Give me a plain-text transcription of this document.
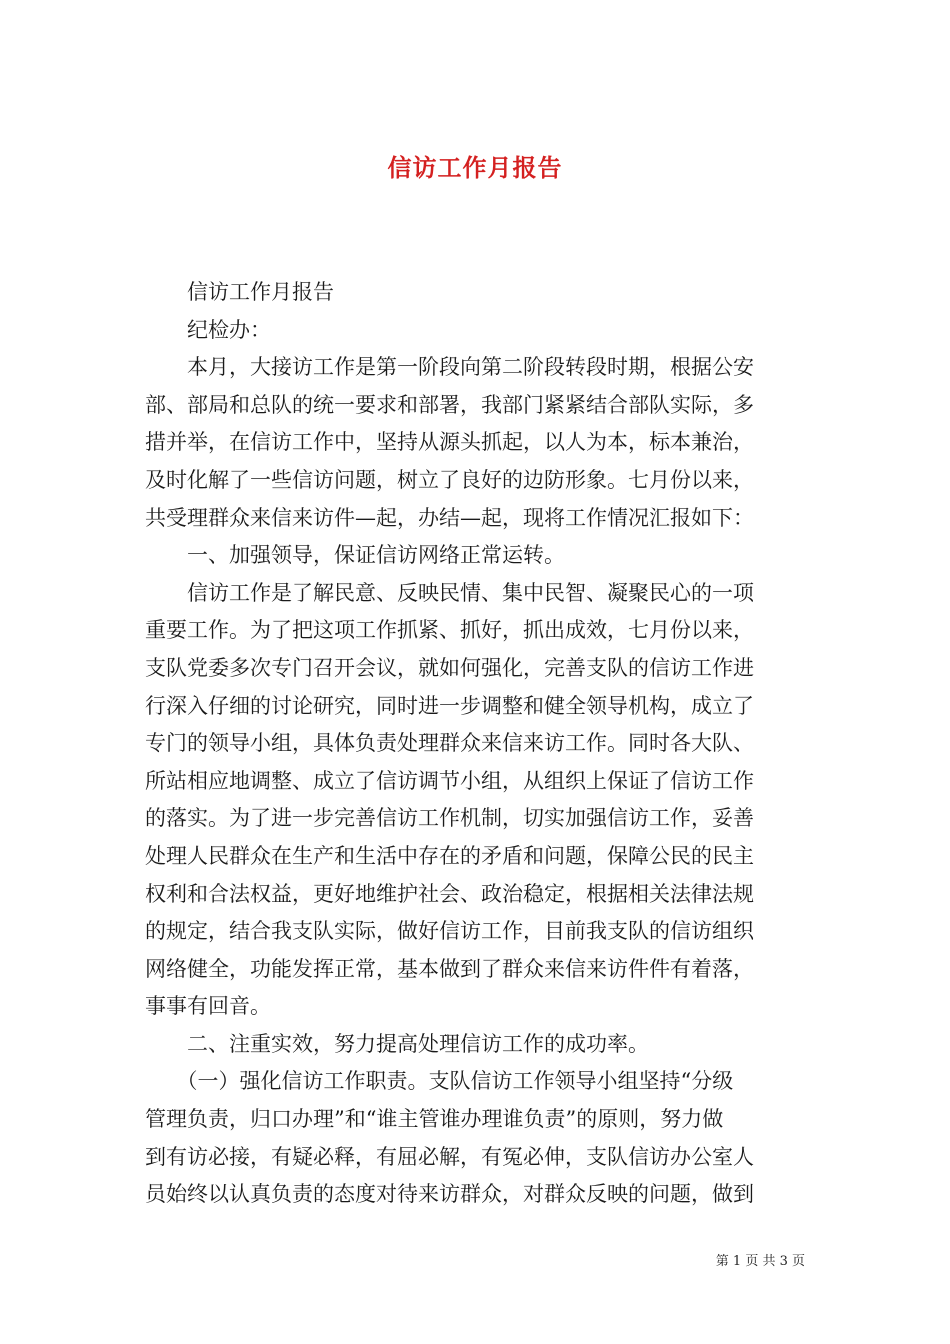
信访工作月报告

　　信访工作月报告

　　纪检办：

　　本月，大接访工作是第一阶段向第二阶段转段时期，根据公安
部、部局和总队的统一要求和部署，我部门紧紧结合部队实际，多
措并举，在信访工作中，坚持从源头抓起，以人为本，标本兼治，
及时化解了一些信访问题，树立了良好的边防形象。七月份以来，
共受理群众来信来访件—起，办结—起，现将工作情况汇报如下：

　　一、加强领导，保证信访网络正常运转。

　　信访工作是了解民意、反映民情、集中民智、凝聚民心的一项
重要工作。为了把这项工作抓紧、抓好，抓出成效，七月份以来，
支队党委多次专门召开会议，就如何强化，完善支队的信访工作进
行深入仔细的讨论研究，同时进一步调整和健全领导机构，成立了
专门的领导小组，具体负责处理群众来信来访工作。同时各大队、
所站相应地调整、成立了信访调节小组，从组织上保证了信访工作
的落实。为了进一步完善信访工作机制，切实加强信访工作，妥善
处理人民群众在生产和生活中存在的矛盾和问题，保障公民的民主
权利和合法权益，更好地维护社会、政治稳定，根据相关法律法规
的规定，结合我支队实际，做好信访工作，目前我支队的信访组织
网络健全，功能发挥正常，基本做到了群众来信来访件件有着落，
事事有回音。

　　二、注重实效，努力提高处理信访工作的成功率。

　　（一）强化信访工作职责。支队信访工作领导小组坚持“分级
管理负责，归口办理”和“谁主管谁办理谁负责”的原则，努力做
到有访必接，有疑必释，有屈必解，有冤必伸，支队信访办公室人
员始终以认真负责的态度对待来访群众，对群众反映的问题，做到

第 1 页 共 3 页
